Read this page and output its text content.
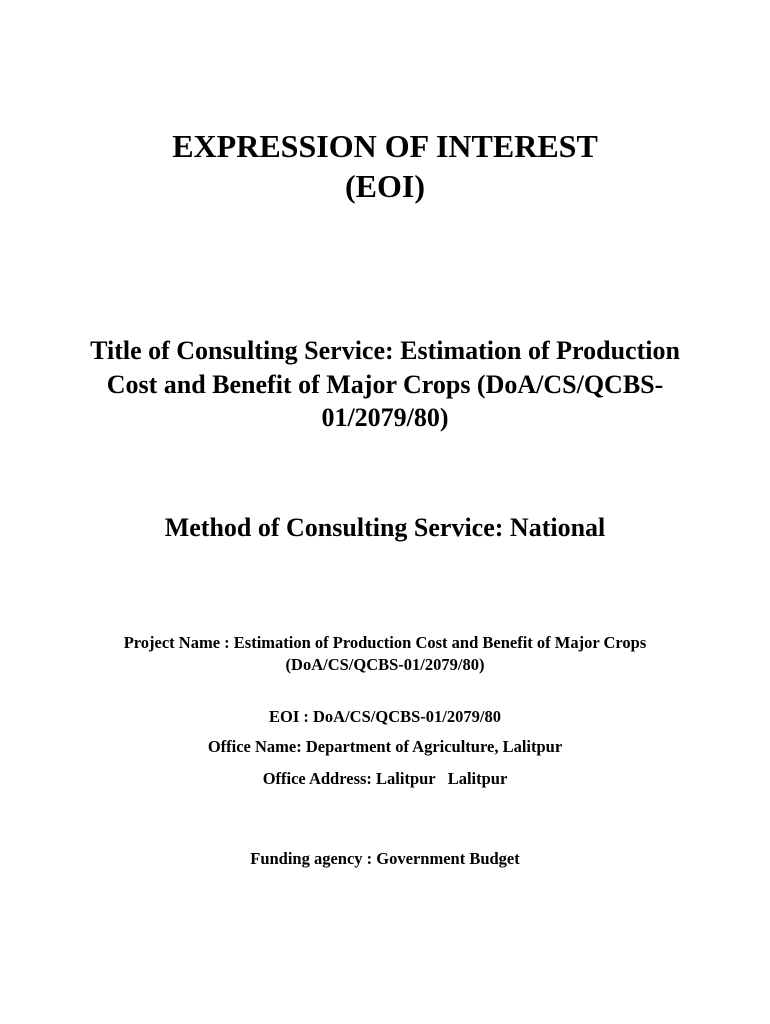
EXPRESSION OF INTEREST
(EOI)
Title of Consulting Service: Estimation of Production
Cost and Benefit of Major Crops (DoA/CS/QCBS-
01/2079/80)
Method of Consulting Service: National
Project Name : Estimation of Production Cost and Benefit of Major Crops
(DoA/CS/QCBS-01/2079/80)
EOI : DoA/CS/QCBS-01/2079/80
Office Name: Department of Agriculture, Lalitpur
Office Address: Lalitpur   Lalitpur
Funding agency : Government Budget
